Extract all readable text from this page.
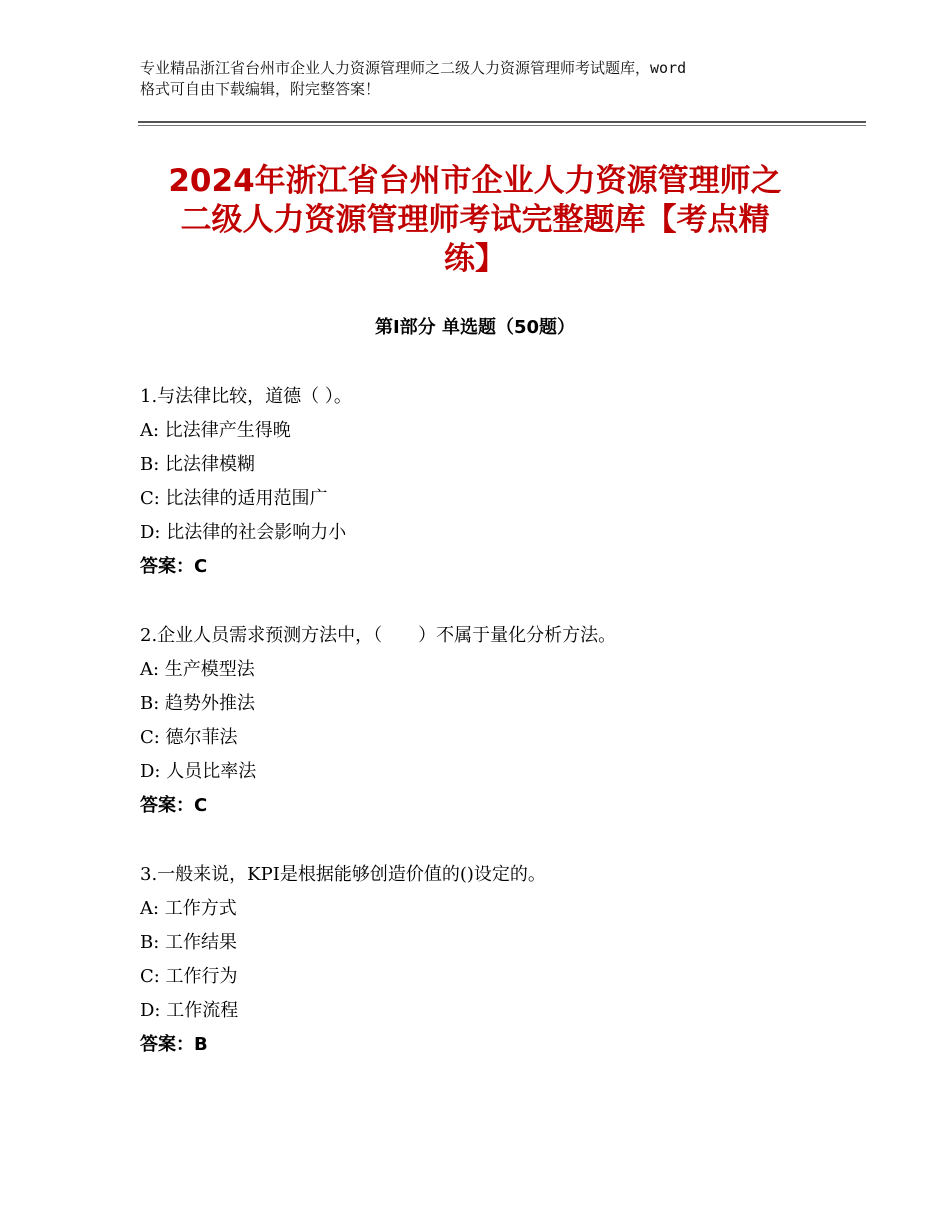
专业精品浙江省台州市企业人力资源管理师之二级人力资源管理师考试题库，word
格式可自由下载编辑，附完整答案！
2024年浙江省台州市企业人力资源管理师之
二级人力资源管理师考试完整题库【考点精
练】
第Ⅰ部分 单选题（50题）
1.与法律比较，道德（ ）。
A: 比法律产生得晚
B: 比法律模糊
C: 比法律的适用范围广
D: 比法律的社会影响力小
答案：C
2.企业人员需求预测方法中，（　　）不属于量化分析方法。
A: 生产模型法
B: 趋势外推法
C: 德尔菲法
D: 人员比率法
答案：C
3.一般来说，KPI是根据能够创造价值的()设定的。
A: 工作方式
B: 工作结果
C: 工作行为
D: 工作流程
答案：B
